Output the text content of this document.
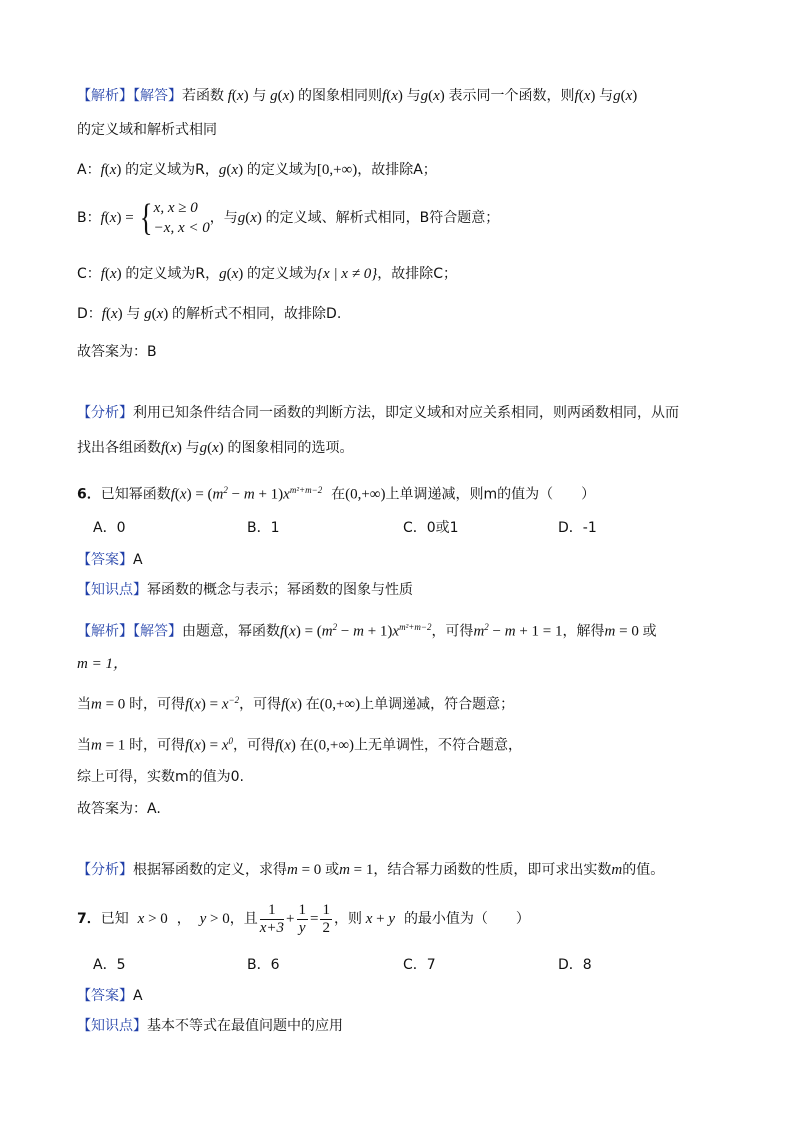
【解析】【解答】若函数 f(x) 与 g(x) 的图象相同则f(x) 与g(x) 表示同一个函数，则f(x) 与g(x)
的定义域和解析式相同
A：f(x) 的定义域为R，g(x) 的定义域为[0,+∞)，故排除A；
B：f(x) = { x, x ≥ 0
−x, x < 0
，与g(x) 的定义域、解析式相同，B符合题意；
C：f(x) 的定义域为R，g(x) 的定义域为{x | x ≠ 0}，故排除C；
D：f(x) 与 g(x) 的解析式不相同，故排除D.
故答案为：B
【分析】利用已知条件结合同一函数的判断方法，即定义域和对应关系相同，则两函数相同，从而
找出各组函数f(x) 与g(x) 的图象相同的选项。
6．已知幂函数$f(x) = (m^2 - m + 1)x^{m^2+m-2}$ 在(0,+∞)上单调递减，则m的值为（　　）
A．0	B．1	C．0或1	D．-1
【答案】A
【知识点】幂函数的概念与表示；幂函数的图象与性质
【解析】【解答】由题意，幂函数$f(x) = (m^2 - m + 1)x^{m^2+m-2}$，可得$m^2 - m + 1 = 1$，解得m = 0 或
m = 1，
当m = 0 时，可得$f(x) = x^{-2}$，可得f(x) 在(0,+∞)上单调递减，符合题意；
当m = 1 时，可得$f(x) = x^0$，可得f(x) 在(0,+∞)上无单调性，不符合题意，
综上可得，实数m的值为0.
故答案为：A.
【分析】根据幂函数的定义，求得m = 0 或m = 1，结合幂力函数的性质，即可求出实数m的值。
7．已知 x > 0 ， y > 0，且 $\frac{1}{x+3} + \frac{1}{y} = \frac{1}{2}$ ，则 x + y 的最小值为（　　）
A．5	B．6	C．7	D．8
【答案】A
【知识点】基本不等式在最值问题中的应用
